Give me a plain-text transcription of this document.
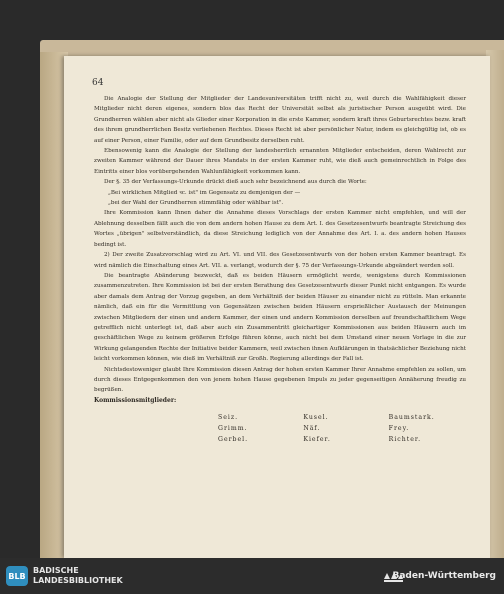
64

Die Analogie der Stellung der Mitglieder der Landesuniversitäten trifft nicht zu, weil durch die Wahlfähigkeit dieser Mitglieder nicht deren eigenes, sondern blos das Recht der Universität selbst als juristischer Person ausgeübt wird. Die Grundherren wählen aber nicht als Glieder einer Korporation in die erste Kammer, sondern kraft ihres Geburtsrechtes bezw. kraft des ihrem grundherrlichen Besitz verliehenen Rechtes. Dieses Recht ist aber persönlicher Natur, indem es gleichgültig ist, ob es auf einer Person, einer Familie, oder auf dem Grundbesitz derselben ruht.

Ebensowenig kann die Analogie der Stellung der landesherrlich ernannten Mitglieder entscheiden, deren Wahlrecht zur zweiten Kammer während der Dauer ihres Mandats in der ersten Kammer ruht, wie dieß auch gemeinrechtlich in Folge des Eintritts einer blos vorübergehenden Wahlunfähigkeit vorkommen kann.

Der §. 35 der Verfassungs-Urkunde drückt dieß auch sehr bezeichnend aus durch die Worte:

„Bei wirklichen Mitglied ꝛc. ist" im Gegensatz zu demjenigen der —

„bei der Wahl der Grundherren stimmfähig oder wählbar ist".

Ihre Kommission kann Ihnen daher die Annahme dieses Vorschlags der ersten Kammer nicht empfehlen, und will der Ablehnung desselben fällt auch die von dem andern hohen Hause zu dem Art. I. des Gesetzesentwurfs beantragte Streichung des Wortes „übrigen" selbstverständlich, da diese Streichung lediglich von der Annahme des Art. I. a. des andern hohen Hauses bedingt ist.

2) Der zweite Zusatzvorschlag wird zu Art. VI. und VII. des Gesetzesentwurfs von der hohen ersten Kammer beantragt. Es wird nämlich die Einschaltung eines Art. VII. a. verlangt, wodurch der §. 75 der Verfassungs-Urkunde abgeändert werden soll.

Die beantragte Abänderung bezweckt, daß es beiden Häusern ermöglicht werde, wenigstens durch Kommissionen zusammenzutreten. Ihre Kommission ist bei der ersten Berathung des Gesetzesentwurfs dieser Punkt nicht entgangen. Es wurde aber damals dem Antrag der Vorzug gegeben, an dem Verhältniß der beiden Häuser zu einander nicht zu rütteln. Man erkannte nämlich, daß ein für die Vermittlung von Gegensätzen zwischen beiden Häusern ersprießlicher Austausch der Meinungen zwischen Mitgliedern der einen und andern Kammer, der einen und andern Kommission derselben auf freundschaftlichem Wege getrefflich nicht unterlegt ist, daß aber auch ein Zusammentritt gleichartiger Kommissionen aus beiden Häusern auch im geschäftlichen Wege zu keinem größeren Erfolge führen könne, auch nicht bei dem Umstand einer neuen Vorlage in die zur Wirkung gelangenden Rechte der Initiative beider Kammern, weil zwischen ihnen Aufklärungen in thatsächlicher Beziehung nicht leicht vorkommen können, wie dieß im Verhältniß zur Großh. Regierung allerdings der Fall ist.

Nichtsdestoweniger glaubt Ihre Kommission diesen Antrag der hohen ersten Kammer Ihrer Annahme empfehlen zu sollen, um durch dieses Entgegenkommen den von jenem hohen Hause gegebenen Impuls zu jeder gegenseitigen Annäherung freudig zu begrüßen.

Kommissionsmitglieder:

Seiz.	Kusel.	Baumstark.
Grimm.	Näf.	Frey.
Gerbel.	Kiefer.	Richter.
BLB
BADISCHE
LANDESBIBLIOTHEK	Baden-Württemberg
